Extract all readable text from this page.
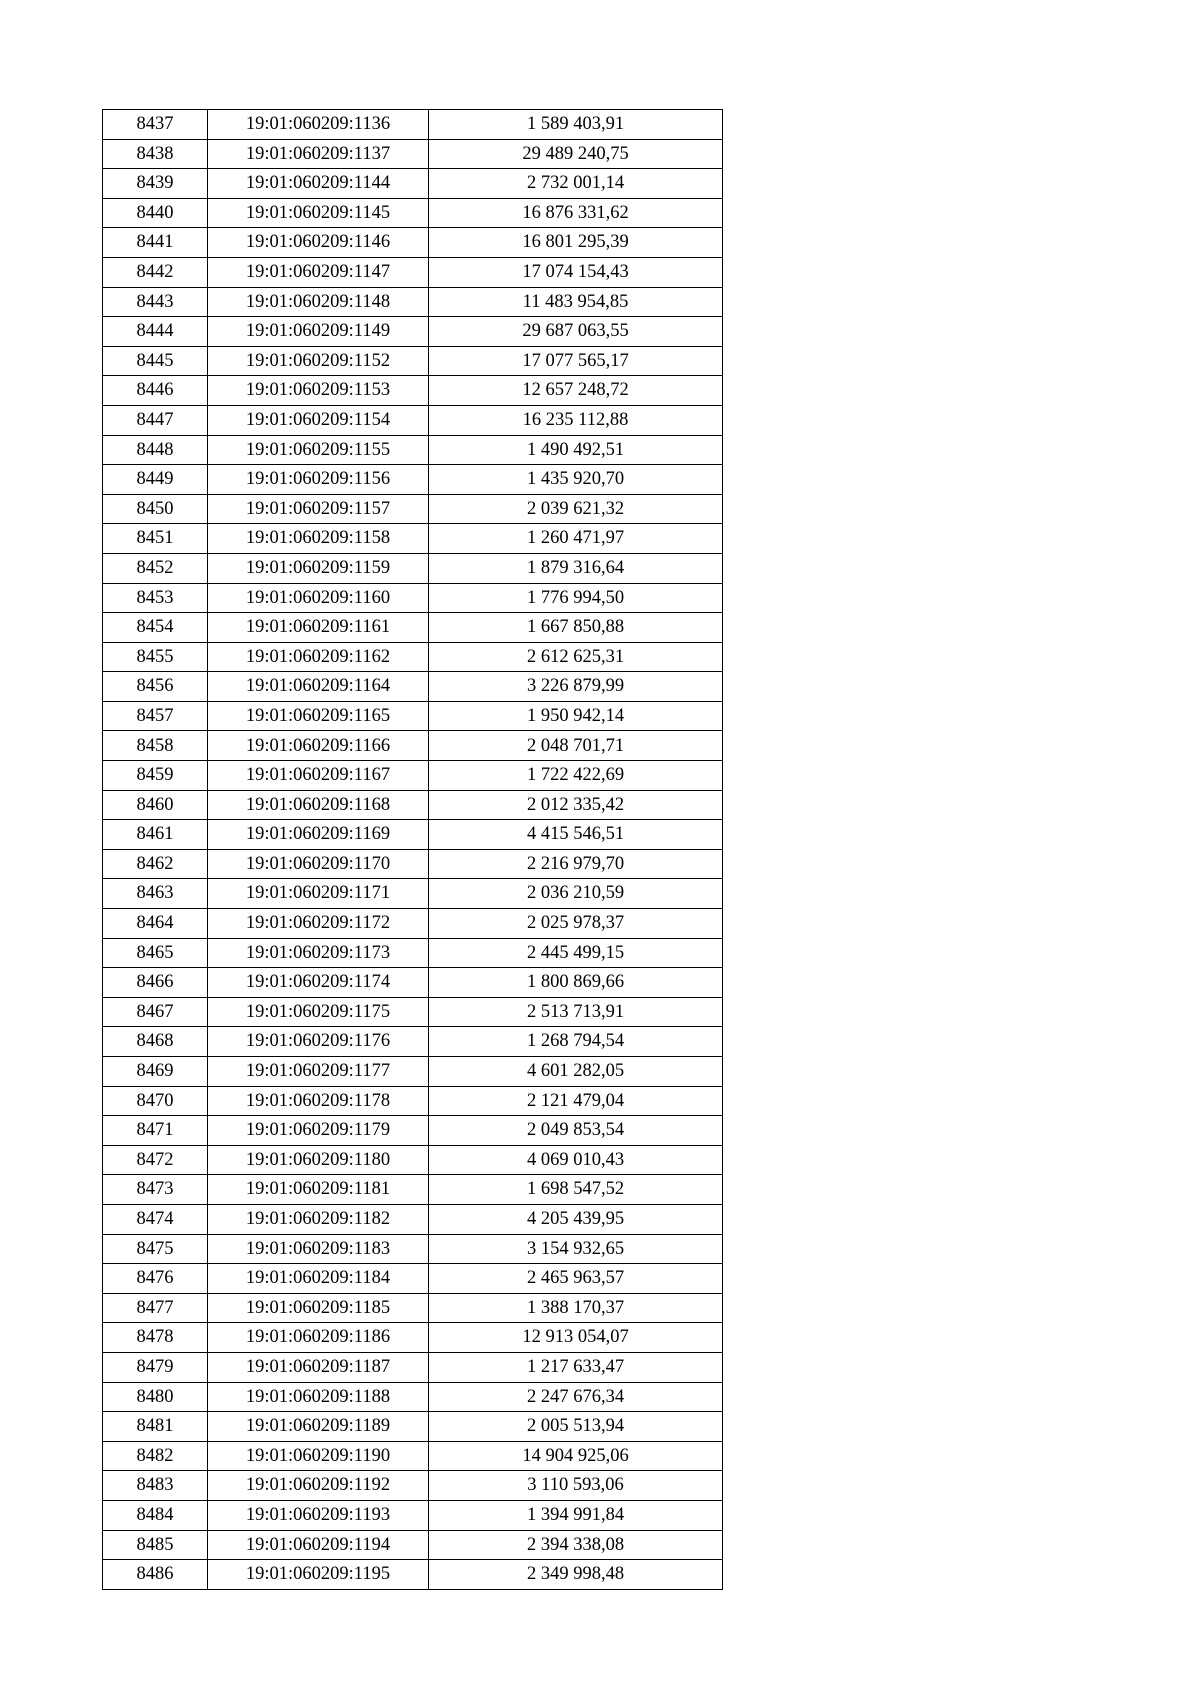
8437	19:01:060209:1136	1 589 403,91
8438	19:01:060209:1137	29 489 240,75
8439	19:01:060209:1144	2 732 001,14
8440	19:01:060209:1145	16 876 331,62
8441	19:01:060209:1146	16 801 295,39
8442	19:01:060209:1147	17 074 154,43
8443	19:01:060209:1148	11 483 954,85
8444	19:01:060209:1149	29 687 063,55
8445	19:01:060209:1152	17 077 565,17
8446	19:01:060209:1153	12 657 248,72
8447	19:01:060209:1154	16 235 112,88
8448	19:01:060209:1155	1 490 492,51
8449	19:01:060209:1156	1 435 920,70
8450	19:01:060209:1157	2 039 621,32
8451	19:01:060209:1158	1 260 471,97
8452	19:01:060209:1159	1 879 316,64
8453	19:01:060209:1160	1 776 994,50
8454	19:01:060209:1161	1 667 850,88
8455	19:01:060209:1162	2 612 625,31
8456	19:01:060209:1164	3 226 879,99
8457	19:01:060209:1165	1 950 942,14
8458	19:01:060209:1166	2 048 701,71
8459	19:01:060209:1167	1 722 422,69
8460	19:01:060209:1168	2 012 335,42
8461	19:01:060209:1169	4 415 546,51
8462	19:01:060209:1170	2 216 979,70
8463	19:01:060209:1171	2 036 210,59
8464	19:01:060209:1172	2 025 978,37
8465	19:01:060209:1173	2 445 499,15
8466	19:01:060209:1174	1 800 869,66
8467	19:01:060209:1175	2 513 713,91
8468	19:01:060209:1176	1 268 794,54
8469	19:01:060209:1177	4 601 282,05
8470	19:01:060209:1178	2 121 479,04
8471	19:01:060209:1179	2 049 853,54
8472	19:01:060209:1180	4 069 010,43
8473	19:01:060209:1181	1 698 547,52
8474	19:01:060209:1182	4 205 439,95
8475	19:01:060209:1183	3 154 932,65
8476	19:01:060209:1184	2 465 963,57
8477	19:01:060209:1185	1 388 170,37
8478	19:01:060209:1186	12 913 054,07
8479	19:01:060209:1187	1 217 633,47
8480	19:01:060209:1188	2 247 676,34
8481	19:01:060209:1189	2 005 513,94
8482	19:01:060209:1190	14 904 925,06
8483	19:01:060209:1192	3 110 593,06
8484	19:01:060209:1193	1 394 991,84
8485	19:01:060209:1194	2 394 338,08
8486	19:01:060209:1195	2 349 998,48
